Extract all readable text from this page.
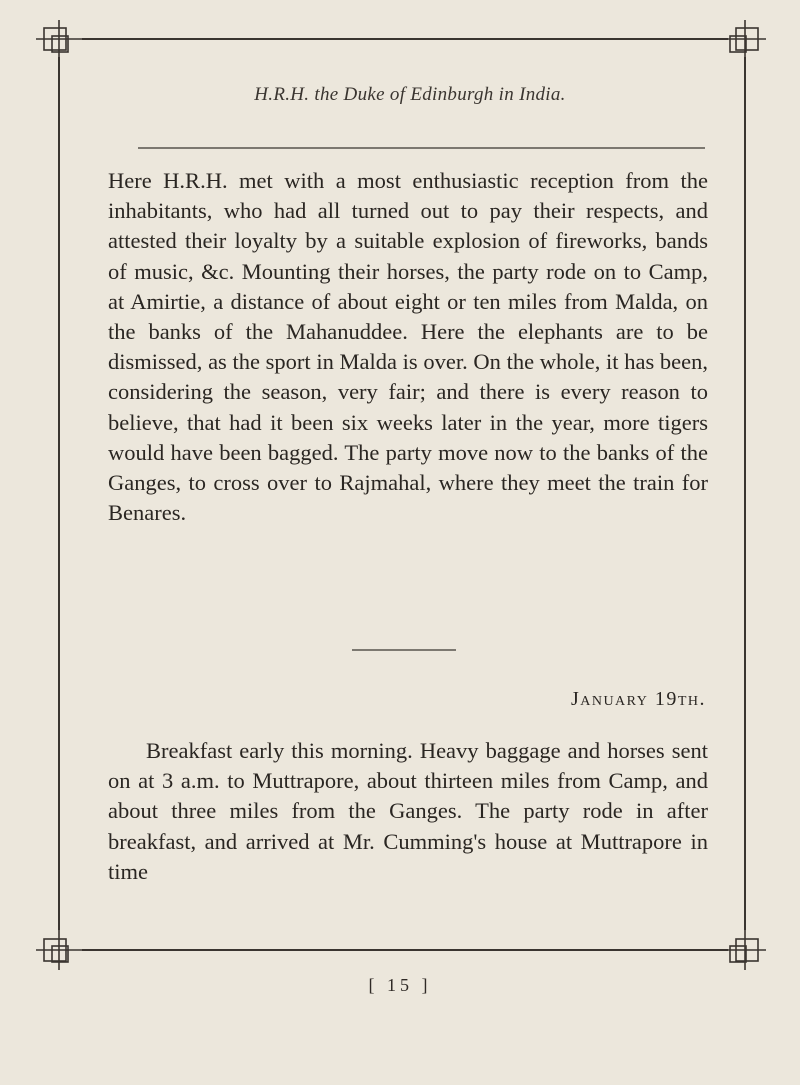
H.R.H. the Duke of Edinburgh in India.

Here H.R.H. met with a most enthusiastic reception from the inhabitants, who had all turned out to pay their respects, and attested their loyalty by a suitable explosion of fireworks, bands of music, &c. Mounting their horses, the party rode on to Camp, at Amirtie, a distance of about eight or ten miles from Malda, on the banks of the Mahanuddee. Here the elephants are to be dismissed, as the sport in Malda is over. On the whole, it has been, considering the season, very fair; and there is every reason to believe, that had it been six weeks later in the year, more tigers would have been bagged. The party move now to the banks of the Ganges, to cross over to Rajmahal, where they meet the train for Benares.

January 19th.

Breakfast early this morning. Heavy baggage and horses sent on at 3 a.m. to Muttrapore, about thirteen miles from Camp, and about three miles from the Ganges. The party rode in after breakfast, and arrived at Mr. Cumming's house at Muttrapore in time

[ 15 ]
